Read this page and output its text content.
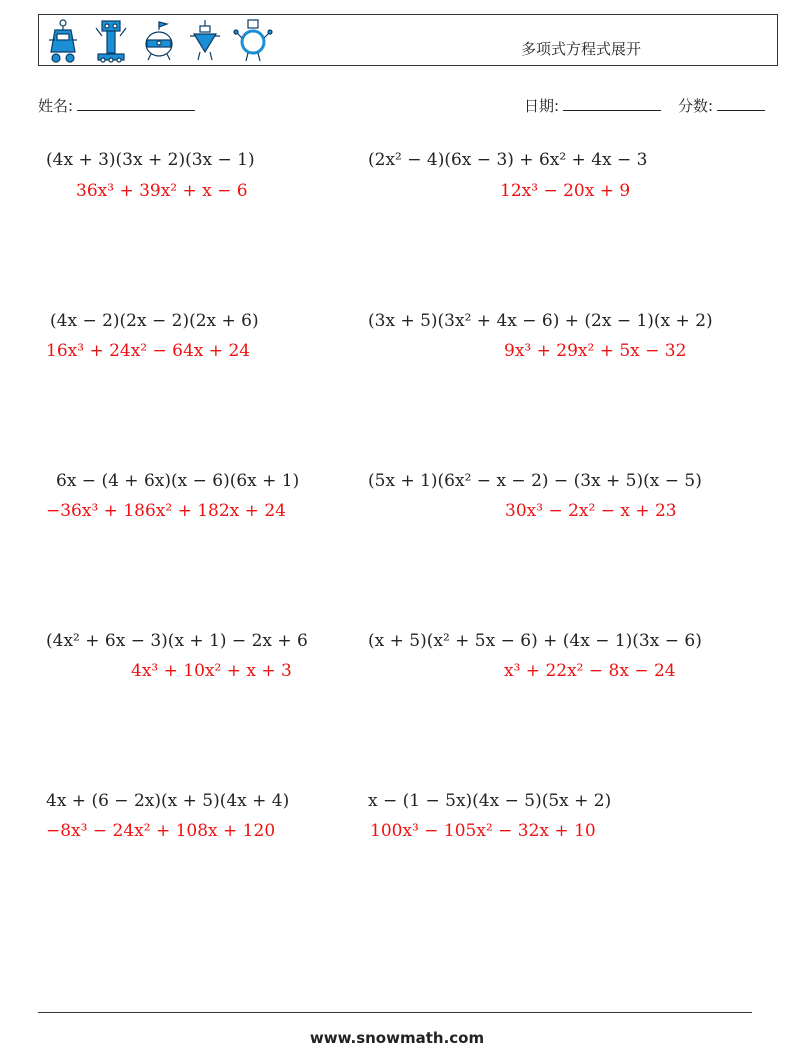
多项式方程式展开
姓名:	日期:	分数:
(4x + 3)(3x + 2)(3x − 1)
36x³ + 39x² + x − 6
(2x² − 4)(6x − 3) + 6x² + 4x − 3
12x³ − 20x + 9
(4x − 2)(2x − 2)(2x + 6)
16x³ + 24x² − 64x + 24
(3x + 5)(3x² + 4x − 6) + (2x − 1)(x + 2)
9x³ + 29x² + 5x − 32
6x − (4 + 6x)(x − 6)(6x + 1)
−36x³ + 186x² + 182x + 24
(5x + 1)(6x² − x − 2) − (3x + 5)(x − 5)
30x³ − 2x² − x + 23
(4x² + 6x − 3)(x + 1) − 2x + 6
4x³ + 10x² + x + 3
(x + 5)(x² + 5x − 6) + (4x − 1)(3x − 6)
x³ + 22x² − 8x − 24
4x + (6 − 2x)(x + 5)(4x + 4)
−8x³ − 24x² + 108x + 120
x − (1 − 5x)(4x − 5)(5x + 2)
100x³ − 105x² − 32x + 10
www.snowmath.com
